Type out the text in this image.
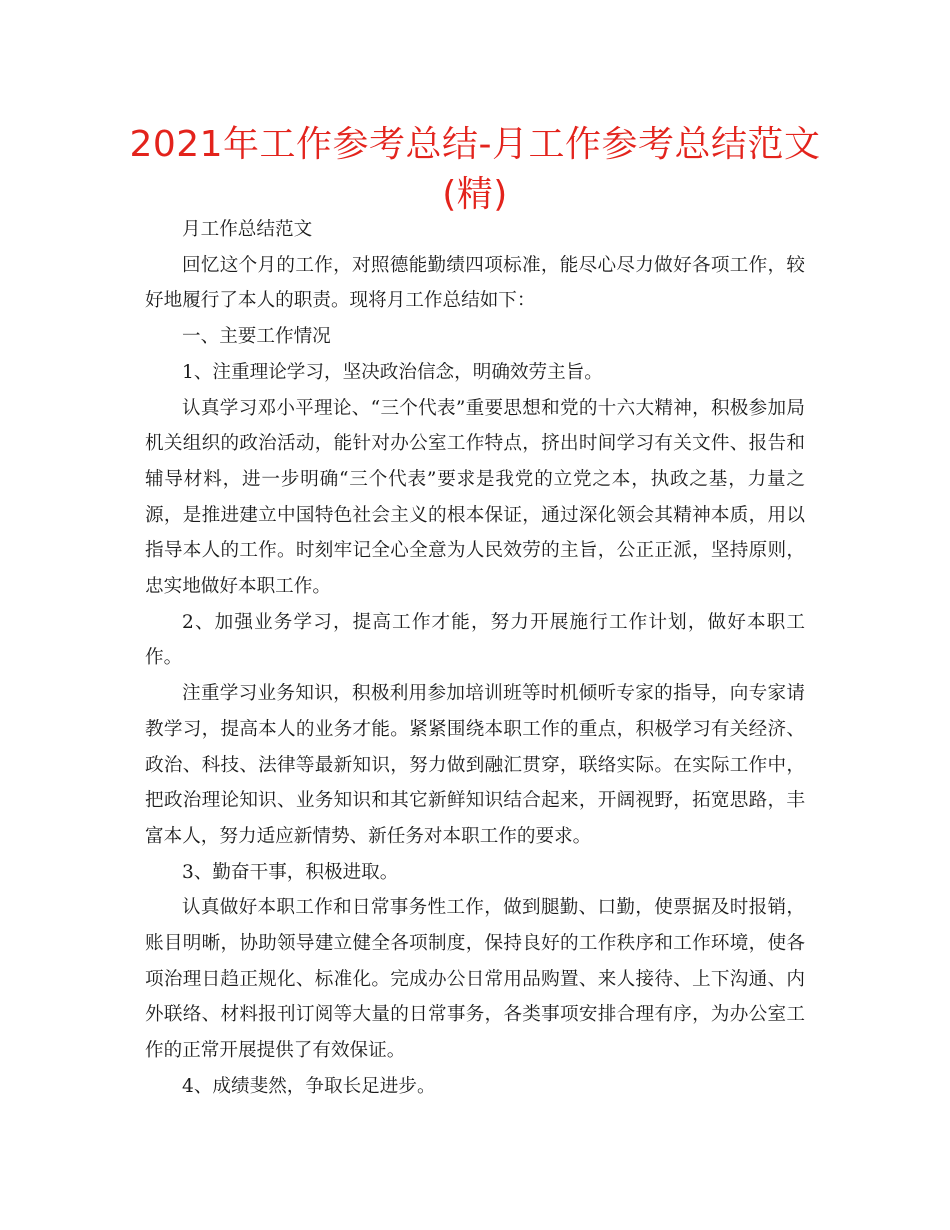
2021年工作参考总结-月工作参考总结范文
(精)

月工作总结范文

回忆这个月的工作，对照德能勤绩四项标准，能尽心尽力做好各项工作，较好地履行了本人的职责。现将月工作总结如下：

一、主要工作情况

1、注重理论学习，坚决政治信念，明确效劳主旨。

认真学习邓小平理论、“三个代表”重要思想和党的十六大精神，积极参加局机关组织的政治活动，能针对办公室工作特点，挤出时间学习有关文件、报告和辅导材料，进一步明确“三个代表”要求是我党的立党之本，执政之基，力量之源，是推进建立中国特色社会主义的根本保证，通过深化领会其精神本质，用以指导本人的工作。时刻牢记全心全意为人民效劳的主旨，公正正派，坚持原则，忠实地做好本职工作。

2、加强业务学习，提高工作才能，努力开展施行工作计划，做好本职工作。

注重学习业务知识，积极利用参加培训班等时机倾听专家的指导，向专家请教学习，提高本人的业务才能。紧紧围绕本职工作的重点，积极学习有关经济、政治、科技、法律等最新知识，努力做到融汇贯穿，联络实际。在实际工作中，把政治理论知识、业务知识和其它新鲜知识结合起来，开阔视野，拓宽思路，丰富本人，努力适应新情势、新任务对本职工作的要求。

3、勤奋干事，积极进取。

认真做好本职工作和日常事务性工作，做到腿勤、口勤，使票据及时报销，账目明晰，协助领导建立健全各项制度，保持良好的工作秩序和工作环境，使各项治理日趋正规化、标准化。完成办公日常用品购置、来人接待、上下沟通、内外联络、材料报刊订阅等大量的日常事务，各类事项安排合理有序，为办公室工作的正常开展提供了有效保证。

4、成绩斐然，争取长足进步。
